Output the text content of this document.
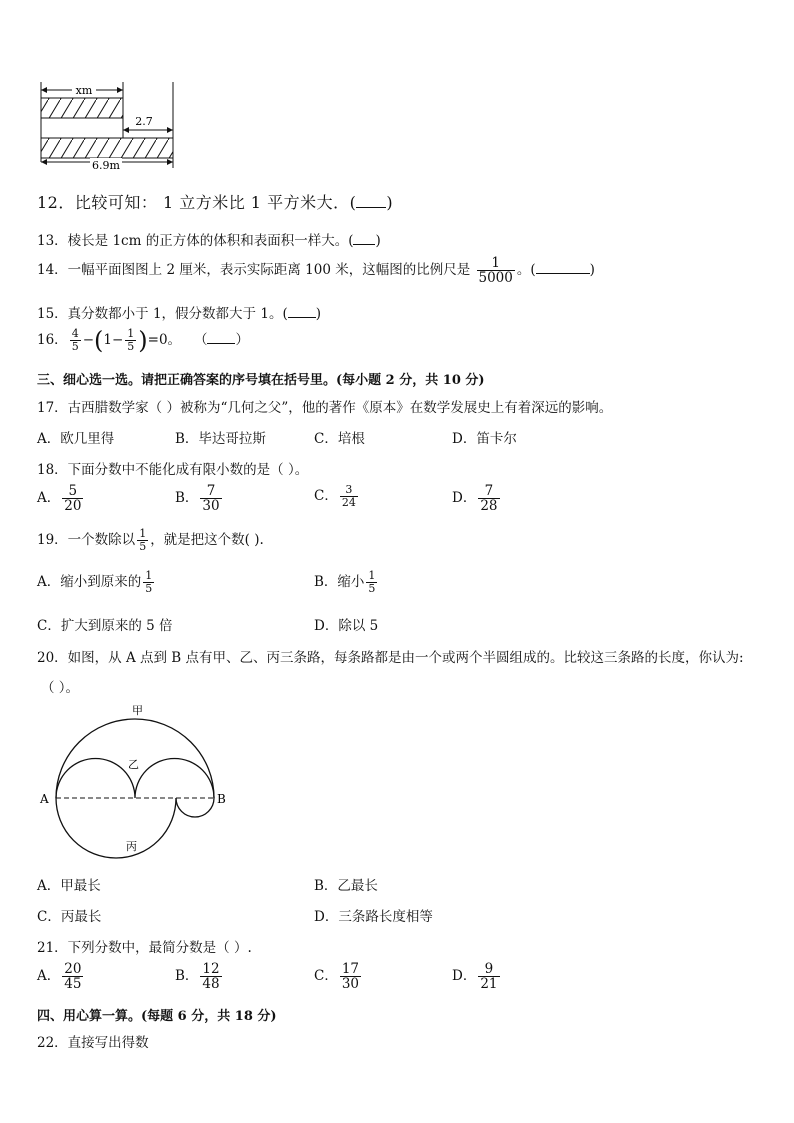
xm
2.7
6.9m
12．比较可知： 1 立方米比 1 平方米大．( )
13．棱长是 1cm 的正方体的体积和表面积一样大。( )
14．一幅平面图图上 2 厘米，表示实际距离 100 米，这幅图的比例尺是 $\frac{1}{5000}$ 。(	)
15．真分数都小于 1，假分数都大于 1。( )
16． $\frac{4}{5} -(1- \frac{1}{5} )=0$。 （ ）
三、细心选一选。请把正确答案的序号填在括号里。(每小题 2 分，共 10 分)
17．古西腊数学家（ ）被称为“几何之父”，他的著作《原本》在数学发展史上有着深远的影响。
A．欧几里得	B．毕达哥拉斯	C．培根	D．笛卡尔
18．下面分数中不能化成有限小数的是（ ）。
A． $\frac{5}{20}$	B． $\frac{7}{30}$	C． $\frac{3}{24}$	D． $\frac{7}{28}$
19．一个数除以 $\frac{1}{5}$ ，就是把这个数( ).
A．缩小到原来的 $\frac{1}{5}$	B．缩小 $\frac{1}{5}$
C．扩大到原来的 5 倍	D．除以 5
20．如图，从 A 点到 B 点有甲、乙、丙三条路，每条路都是由一个或两个半圆组成的。比较这三条路的长度，你认为:
（ ）。
甲
乙
丙
A	B
A．甲最长	B．乙最长
C．丙最长	D．三条路长度相等
21．下列分数中，最简分数是（ ）.
A． $\frac{20}{45}$	B． $\frac{12}{48}$	C． $\frac{17}{30}$	D． $\frac{9}{21}$
四、用心算一算。(每题 6 分，共 18 分)
22．直接写出得数
